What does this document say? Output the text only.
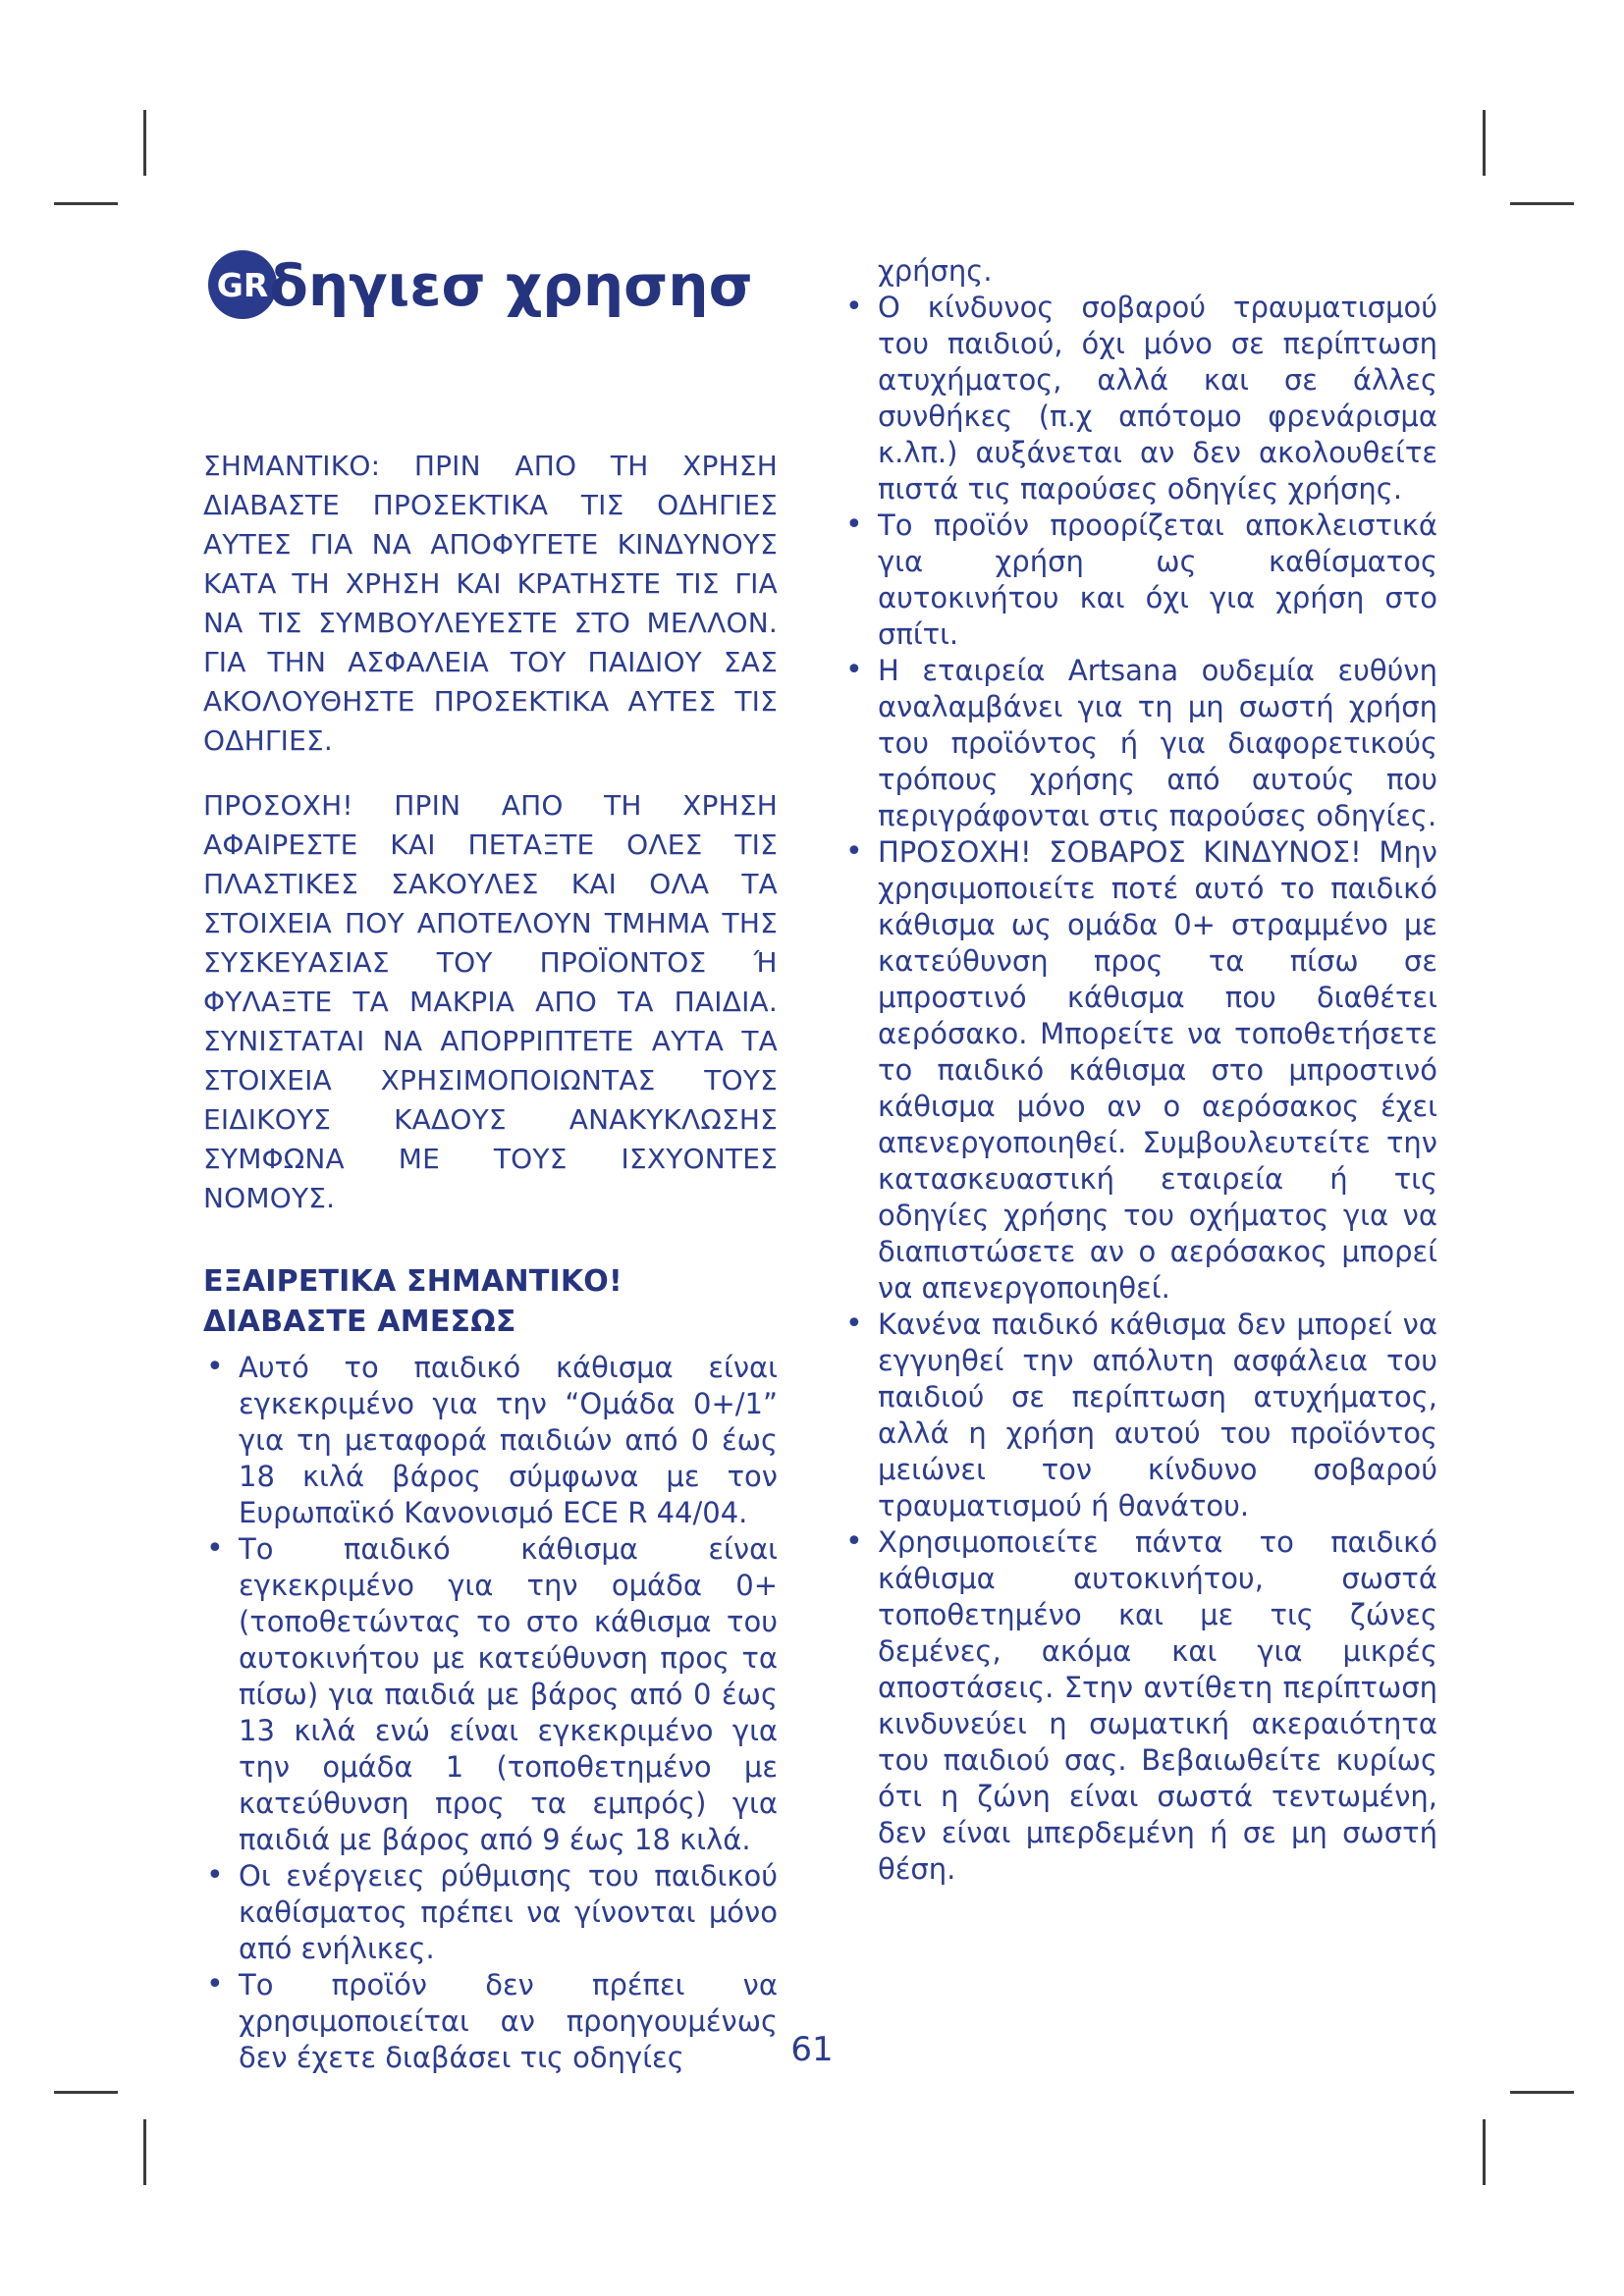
GR δηγιεσ χρησησ

ΣΗΜΑΝΤΙΚΟ: ΠΡΙΝ ΑΠΟ ΤΗ ΧΡΗΣΗ ΔΙΑΒΑΣΤΕ ΠΡΟΣΕΚΤΙΚΑ ΤΙΣ ΟΔΗΓΙΕΣ ΑΥΤΕΣ ΓΙΑ ΝΑ ΑΠΟΦΥΓΕΤΕ ΚΙΝΔΥΝΟΥΣ ΚΑΤΑ ΤΗ ΧΡΗΣΗ ΚΑΙ ΚΡΑΤΗΣΤΕ ΤΙΣ ΓΙΑ ΝΑ ΤΙΣ ΣΥΜΒΟΥΛΕΥΕΣΤΕ ΣΤΟ ΜΕΛΛΟΝ. ΓΙΑ ΤΗΝ ΑΣΦΑΛΕΙΑ ΤΟΥ ΠΑΙΔΙΟΥ ΣΑΣ ΑΚΟΛΟΥΘΗΣΤΕ ΠΡΟΣΕΚΤΙΚΑ ΑΥΤΕΣ ΤΙΣ ΟΔΗΓΙΕΣ.

ΠΡΟΣΟΧΗ! ΠΡΙΝ ΑΠΟ ΤΗ ΧΡΗΣΗ ΑΦΑΙΡΕΣΤΕ ΚΑΙ ΠΕΤΑΞΤΕ ΟΛΕΣ ΤΙΣ ΠΛΑΣΤΙΚΕΣ ΣΑΚΟΥΛΕΣ ΚΑΙ ΟΛΑ ΤΑ ΣΤΟΙΧΕΙΑ ΠΟΥ ΑΠΟΤΕΛΟΥΝ ΤΜΗΜΑ ΤΗΣ ΣΥΣΚΕΥΑΣΙΑΣ ΤΟΥ ΠΡΟΪΟΝΤΟΣ Ή ΦΥΛΑΞΤΕ ΤΑ ΜΑΚΡΙΑ ΑΠΟ ΤΑ ΠΑΙΔΙΑ. ΣΥΝΙΣΤΑΤΑΙ ΝΑ ΑΠΟΡΡΙΠΤΕΤΕ ΑΥΤΑ ΤΑ ΣΤΟΙΧΕΙΑ ΧΡΗΣΙΜΟΠΟΙΩΝΤΑΣ ΤΟΥΣ ΕΙΔΙΚΟΥΣ ΚΑΔΟΥΣ ΑΝΑΚΥΚΛΩΣΗΣ ΣΥΜΦΩΝΑ ΜΕ ΤΟΥΣ ΙΣΧΥΟΝΤΕΣ ΝΟΜΟΥΣ.

ΕΞΑΙΡΕΤΙΚΑ ΣΗΜΑΝΤΙΚΟ! ΔΙΑΒΑΣΤΕ ΑΜΕΣΩΣ
• Αυτό το παιδικό κάθισμα είναι εγκεκριμένο για την “Ομάδα 0+/1” για τη μεταφορά παιδιών από 0 έως 18 κιλά βάρος σύμφωνα με τον Ευρωπαϊκό Κανονισμό ECE R 44/04.
• Το παιδικό κάθισμα είναι εγκεκριμένο για την ομάδα 0+ (τοποθετώντας το στο κάθισμα του αυτοκινήτου με κατεύθυνση προς τα πίσω) για παιδιά με βάρος από 0 έως 13 κιλά ενώ είναι εγκεκριμένο για την ομάδα 1 (τοποθετημένο με κατεύθυνση προς τα εμπρός) για παιδιά με βάρος από 9 έως 18 κιλά.
• Οι ενέργειες ρύθμισης του παιδικού καθίσματος πρέπει να γίνονται μόνο από ενήλικες.
• Το προϊόν δεν πρέπει να χρησιμοποιείται αν προηγουμένως δεν έχετε διαβάσει τις οδηγίες

χρήσης.

• Ο κίνδυνος σοβαρού τραυματισμού του παιδιού, όχι μόνο σε περίπτωση ατυχήματος, αλλά και σε άλλες συνθήκες (π.χ απότομο φρενάρισμα κ.λπ.) αυξάνεται αν δεν ακολουθείτε πιστά τις παρούσες οδηγίες χρήσης.
• Το προϊόν προορίζεται αποκλειστικά για χρήση ως καθίσματος αυτοκινήτου και όχι για χρήση στο σπίτι.
• Η εταιρεία Artsana ουδεμία ευθύνη αναλαμβάνει για τη μη σωστή χρήση του προϊόντος ή για διαφορετικούς τρόπους χρήσης από αυτούς που περιγράφονται στις παρούσες οδηγίες.
• ΠΡΟΣΟΧΗ! ΣΟΒΑΡΟΣ ΚΙΝΔΥΝΟΣ! Μην χρησιμοποιείτε ποτέ αυτό το παιδικό κάθισμα ως ομάδα 0+ στραμμένο με κατεύθυνση προς τα πίσω σε μπροστινό κάθισμα που διαθέτει αερόσακο. Μπορείτε να τοποθετήσετε το παιδικό κάθισμα στο μπροστινό κάθισμα μόνο αν ο αερόσακος έχει απενεργοποιηθεί. Συμβουλευτείτε την κατασκευαστική εταιρεία ή τις οδηγίες χρήσης του οχήματος για να διαπιστώσετε αν ο αερόσακος μπορεί να απενεργοποιηθεί.
• Κανένα παιδικό κάθισμα δεν μπορεί να εγγυηθεί την απόλυτη ασφάλεια του παιδιού σε περίπτωση ατυχήματος, αλλά η χρήση αυτού του προϊόντος μειώνει τον κίνδυνο σοβαρού τραυματισμού ή θανάτου.
• Χρησιμοποιείτε πάντα το παιδικό κάθισμα αυτοκινήτου, σωστά τοποθετημένο και με τις ζώνες δεμένες, ακόμα και για μικρές αποστάσεις. Στην αντίθετη περίπτωση κινδυνεύει η σωματική ακεραιότητα του παιδιού σας. Βεβαιωθείτε κυρίως ότι η ζώνη είναι σωστά τεντωμένη, δεν είναι μπερδεμένη ή σε μη σωστή θέση.
61
